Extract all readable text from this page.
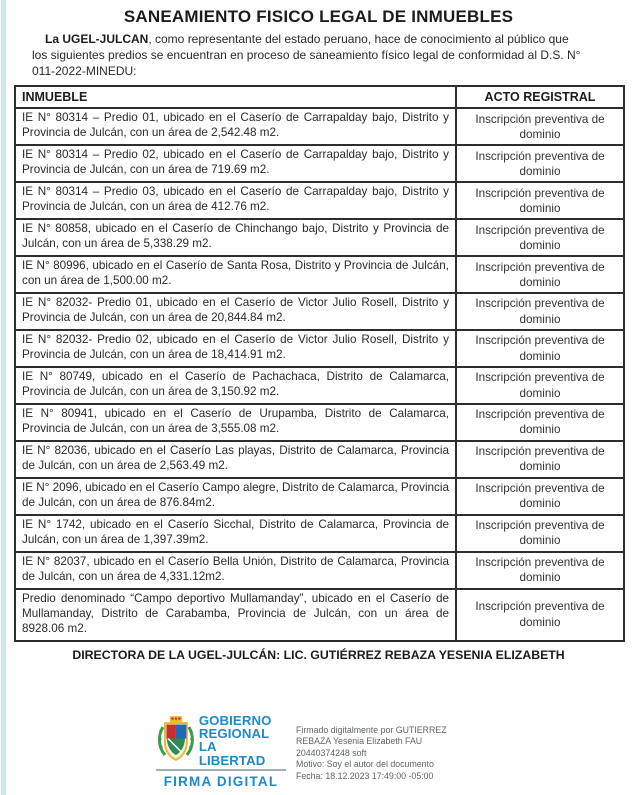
SANEAMIENTO FISICO LEGAL DE INMUEBLES

La UGEL-JULCAN, como representante del estado peruano, hace de conocimiento al público que los siguientes predios se encuentran en proceso de saneamiento físico legal de conformidad al D.S. N° 011-2022-MINEDU:

INMUEBLE	ACTO REGISTRAL
IE N° 80314 – Predio 01, ubicado en el Caserío de Carrapalday bajo, Distrito y Provincia de Julcán, con un área de 2,542.48 m2.	Inscripción preventiva de dominio
IE N° 80314 – Predio 02, ubicado en el Caserío de Carrapalday bajo, Distrito y Provincia de Julcán, con un área de 719.69 m2.	Inscripción preventiva de dominio
IE N° 80314 – Predio 03, ubicado en el Caserío de Carrapalday bajo, Distrito y Provincia de Julcán, con un área de 412.76 m2.	Inscripción preventiva de dominio
IE N° 80858, ubicado en el Caserío de Chinchango bajo, Distrito y Provincia de Julcán, con un área de 5,338.29 m2.	Inscripción preventiva de dominio
IE N° 80996, ubicado en el Caserío de Santa Rosa, Distrito y Provincia de Julcán, con un área de 1,500.00 m2.	Inscripción preventiva de dominio
IE N° 82032- Predio 01, ubicado en el Caserío de Victor Julio Rosell, Distrito y Provincia de Julcán, con un área de 20,844.84 m2.	Inscripción preventiva de dominio
IE N° 82032- Predio 02, ubicado en el Caserío de Victor Julio Rosell, Distrito y Provincia de Julcán, con un área de 18,414.91 m2.	Inscripción preventiva de dominio
IE N° 80749, ubicado en el Caserío de Pachachaca, Distrito de Calamarca, Provincia de Julcán, con un área de 3,150.92 m2.	Inscripción preventiva de dominio
IE N° 80941, ubicado en el Caserío de Urupamba, Distrito de Calamarca, Provincia de Julcán, con un área de 3,555.08 m2.	Inscripción preventiva de dominio
IE N° 82036, ubicado en el Caserío Las playas, Distrito de Calamarca, Provincia de Julcán, con un área de 2,563.49 m2.	Inscripción preventiva de dominio
IE N° 2096, ubicado en el Caserío Campo alegre, Distrito de Calamarca, Provincia de Julcán, con un área de 876.84m2.	Inscripción preventiva de dominio
IE N° 1742, ubicado en el Caserío Sicchal, Distrito de Calamarca, Provincia de Julcán, con un área de 1,397.39m2.	Inscripción preventiva de dominio
IE N° 82037, ubicado en el Caserío Bella Unión, Distrito de Calamarca, Provincia de Julcán, con un área de 4,331.12m2.	Inscripción preventiva de dominio
Predio denominado “Campo deportivo Mullamanday”, ubicado en el Caserío de Mullamanday, Distrito de Carabamba, Provincia de Julcán, con un área de 8928.06 m2.	Inscripción preventiva de dominio
DIRECTORA DE LA UGEL-JULCÁN: LIC. GUTIÉRREZ REBAZA YESENIA ELIZABETH
GOBIERNO
REGIONAL
LA LIBERTAD
FIRMA DIGITAL
Firmado digitalmente por GUTIERREZ
REBAZA Yesenia Elizabeth FAU
20440374248 soft
Motivo: Soy el autor del documento
Fecha: 18.12.2023 17:49:00 -05:00
